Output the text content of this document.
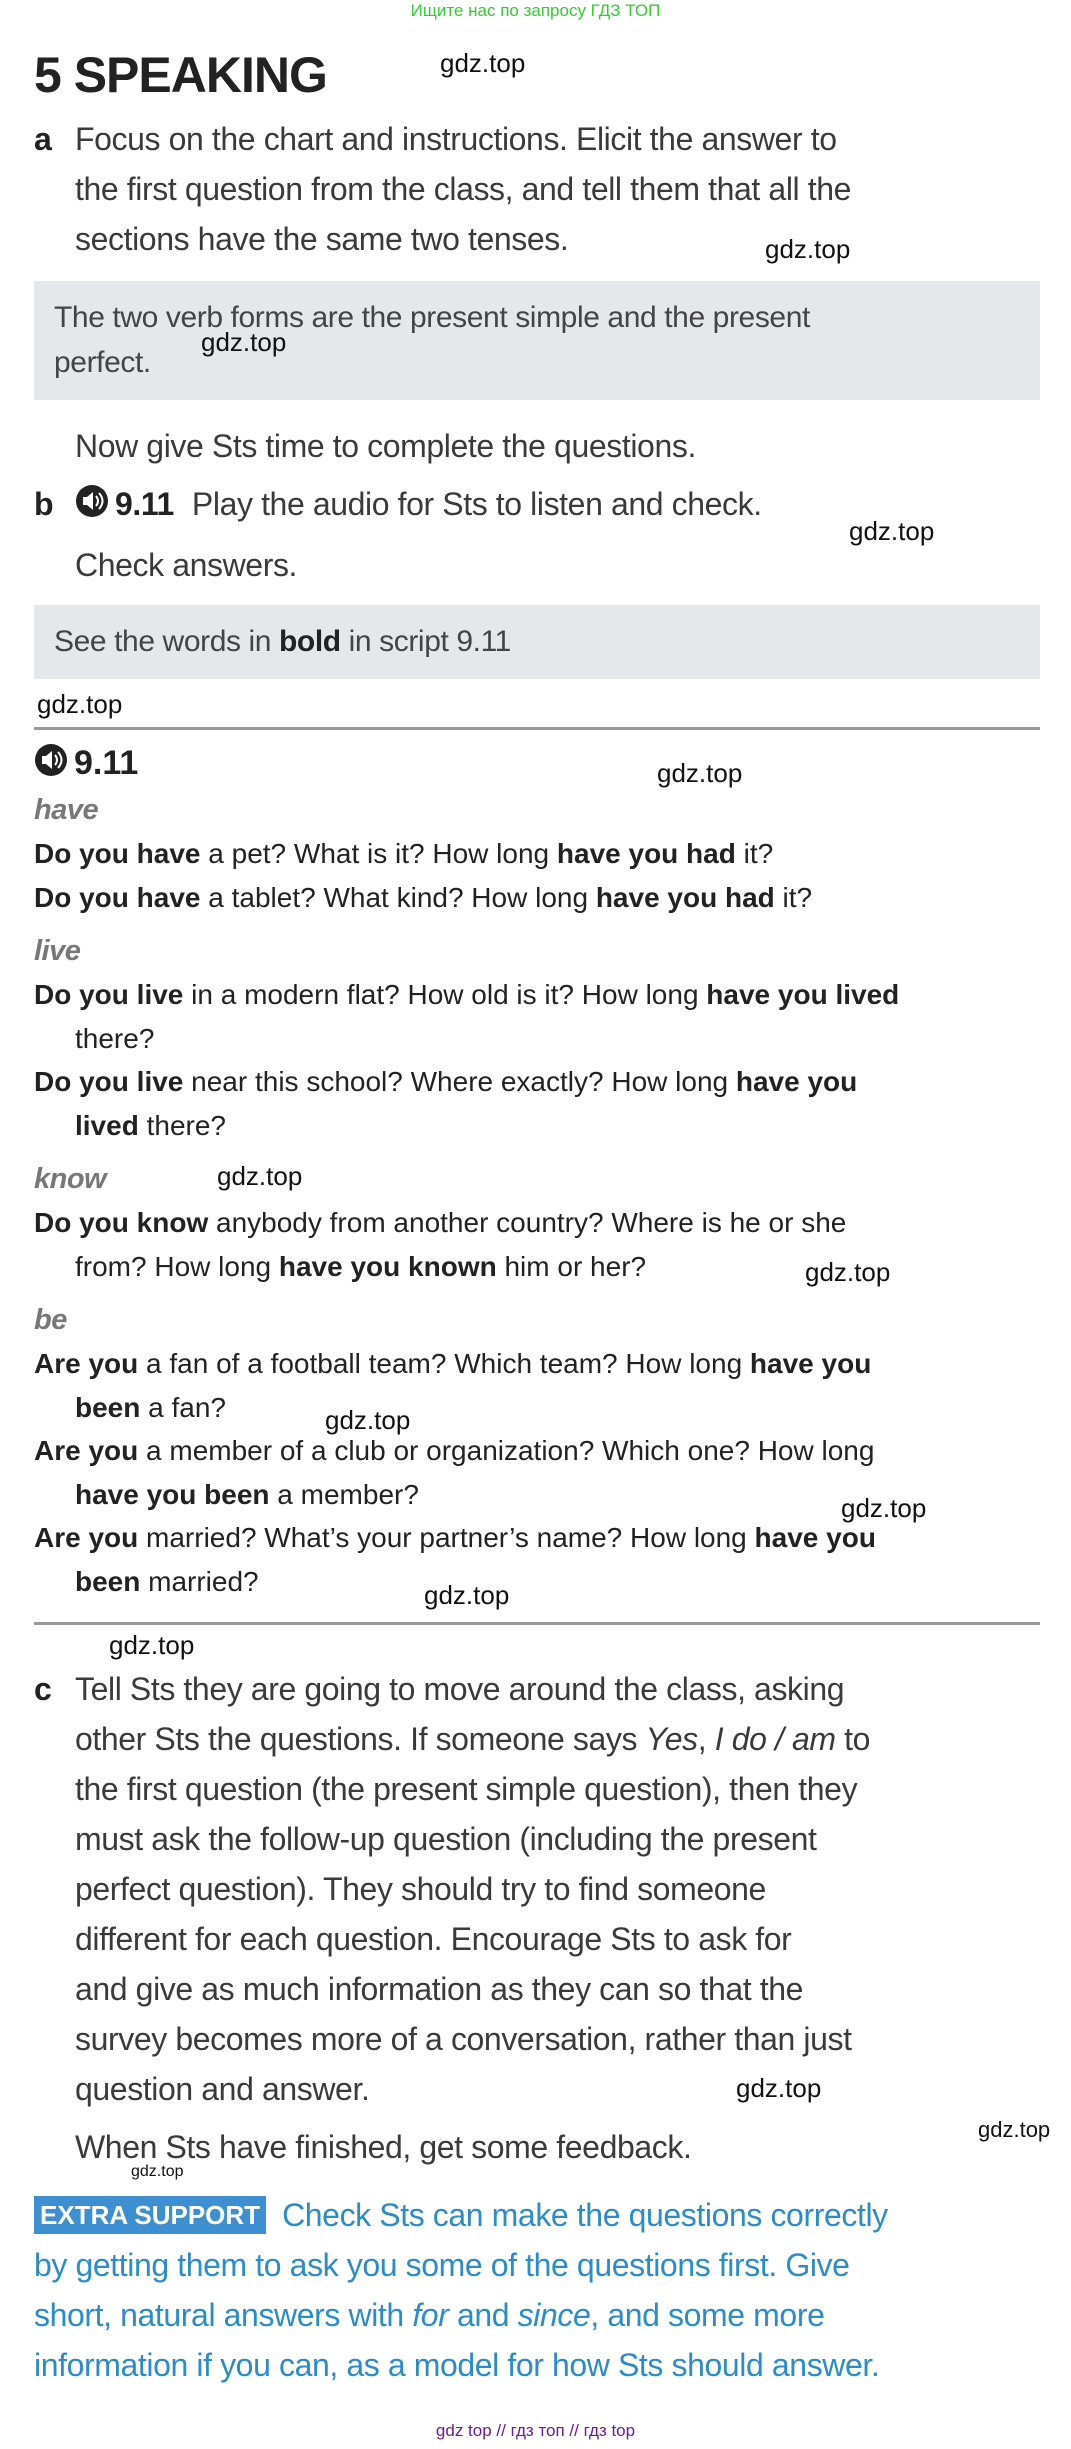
Ищите нас по запросу ГДЗ ТОП
5 SPEAKING
a Focus on the chart and instructions. Elicit the answer to
the first question from the class, and tell them that all the
sections have the same two tenses.
The two verb forms are the present simple and the present
perfect.
Now give Sts time to complete the questions.
b 9.11 Play the audio for Sts to listen and check.
Check answers.
See the words in bold in script 9.11
9.11
have
Do you have a pet? What is it? How long have you had it?
Do you have a tablet? What kind? How long have you had it?
live
Do you live in a modern flat? How old is it? How long have you lived
there?
Do you live near this school? Where exactly? How long have you
lived there?
know
Do you know anybody from another country? Where is he or she
from? How long have you known him or her?
be
Are you a fan of a football team? Which team? How long have you
been a fan?
Are you a member of a club or organization? Which one? How long
have you been a member?
Are you married? What’s your partner’s name? How long have you
been married?
c Tell Sts they are going to move around the class, asking
other Sts the questions. If someone says Yes, I do / am to
the first question (the present simple question), then they
must ask the follow-up question (including the present
perfect question). They should try to find someone
different for each question. Encourage Sts to ask for
and give as much information as they can so that the
survey becomes more of a conversation, rather than just
question and answer.
When Sts have finished, get some feedback.
EXTRA SUPPORT Check Sts can make the questions correctly
by getting them to ask you some of the questions first. Give
short, natural answers with for and since, and some more
information if you can, as a model for how Sts should answer.
gdz top // гдз топ // гдз top
gdz.top
gdz.top
gdz.top
gdz.top
gdz.top
gdz.top
gdz.top
gdz.top
gdz.top
gdz.top
gdz.top
gdz.top
gdz.top
gdz.top
gdz.top
